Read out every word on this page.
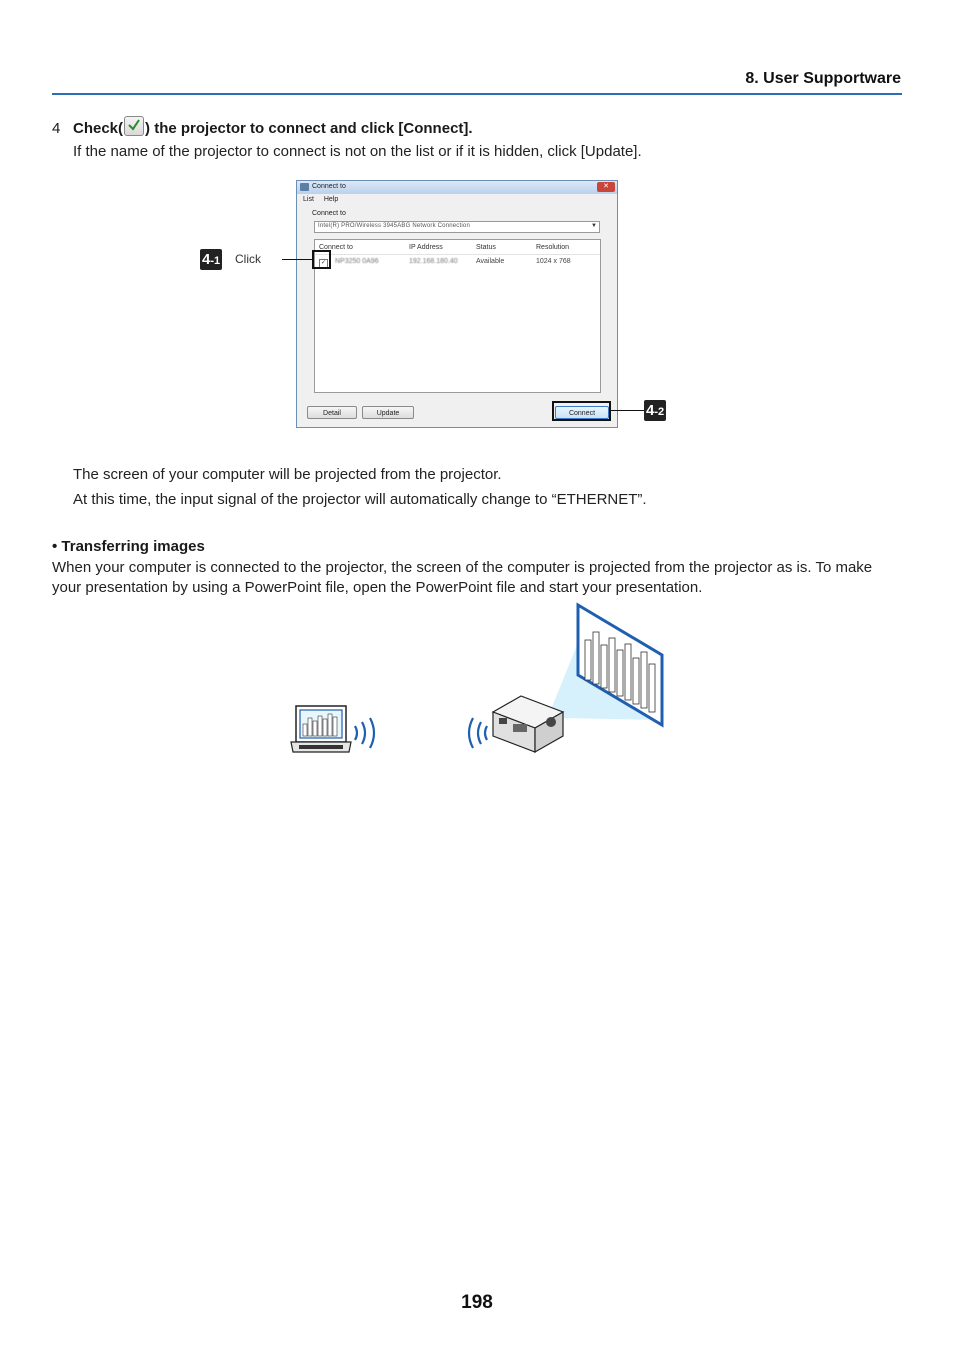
8. User Supportware
4 Check( ) the projector to connect and click [Connect].
If the name of the projector to connect is not on the list or if it is hidden, click [Update].
Connect to	✕
List Help
Connect to
Intel(R) PRO/Wireless 3945ABG Network Connection	▼
Connect to	IP Address	Status	Resolution
✓ NP3250 0A96	192.168.180.40	Available	1024 x 768
Detail	Update	Connect
4-1 Click
4-2
The screen of your computer will be projected from the projector.
At this time, the input signal of the projector will automatically change to “ETHERNET”.
• Transferring images
When your computer is connected to the projector, the screen of the computer is projected from the projector as is. To make your presentation by using a PowerPoint file, open the PowerPoint file and start your presentation.
198
